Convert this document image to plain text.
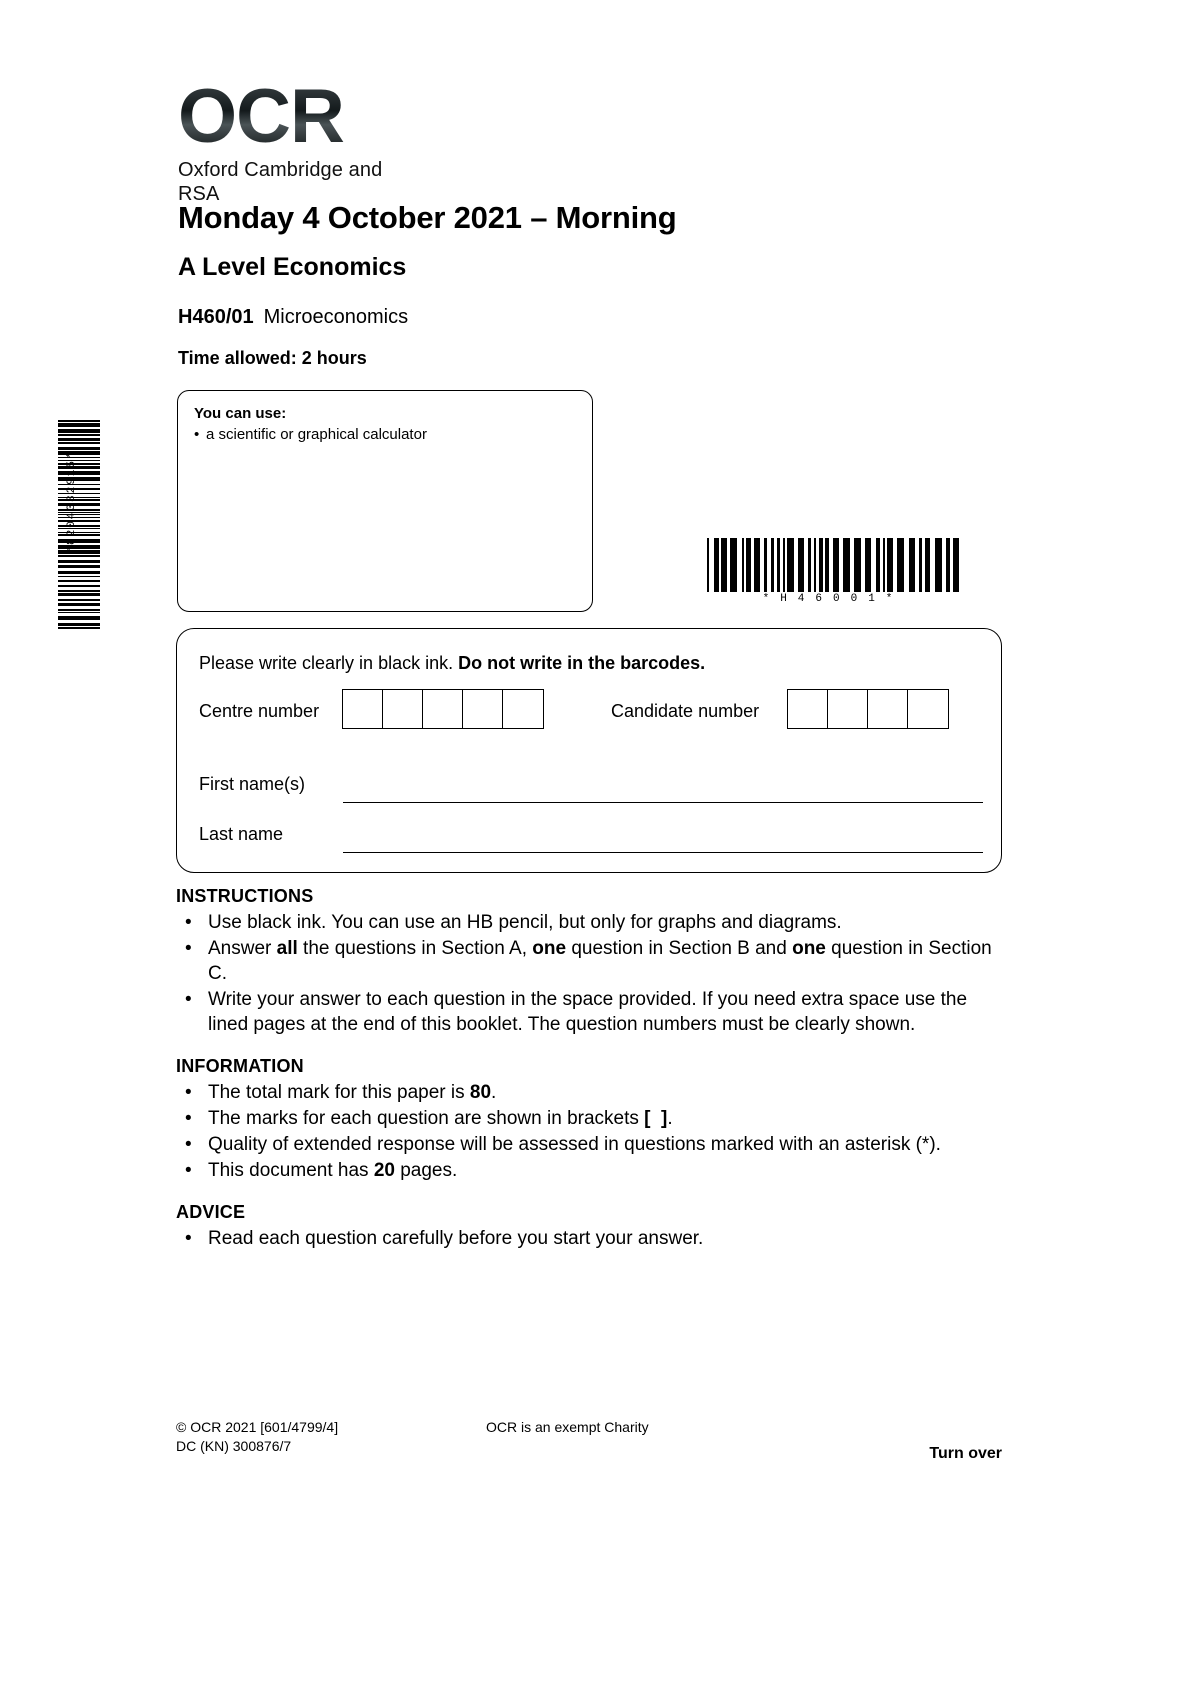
OCR
Oxford Cambridge and RSA
Monday 4 October 2021 – Morning
A Level Economics
H460/01 Microeconomics
Time allowed: 2 hours
You can use:
• a scientific or graphical calculator
*8204332915*
*H46001*
Please write clearly in black ink. Do not write in the barcodes.
Centre number	Candidate number
First name(s)
Last name
INSTRUCTIONS
• Use black ink. You can use an HB pencil, but only for graphs and diagrams.
• Answer all the questions in Section A, one question in Section B and one question in Section C.
• Write your answer to each question in the space provided. If you need extra space use the lined pages at the end of this booklet. The question numbers must be clearly shown.
INFORMATION
• The total mark for this paper is 80.
• The marks for each question are shown in brackets [  ].
• Quality of extended response will be assessed in questions marked with an asterisk (*).
• This document has 20 pages.
ADVICE
• Read each question carefully before you start your answer.
© OCR 2021 [601/4799/4]
DC (KN) 300876/7
OCR is an exempt Charity
Turn over
